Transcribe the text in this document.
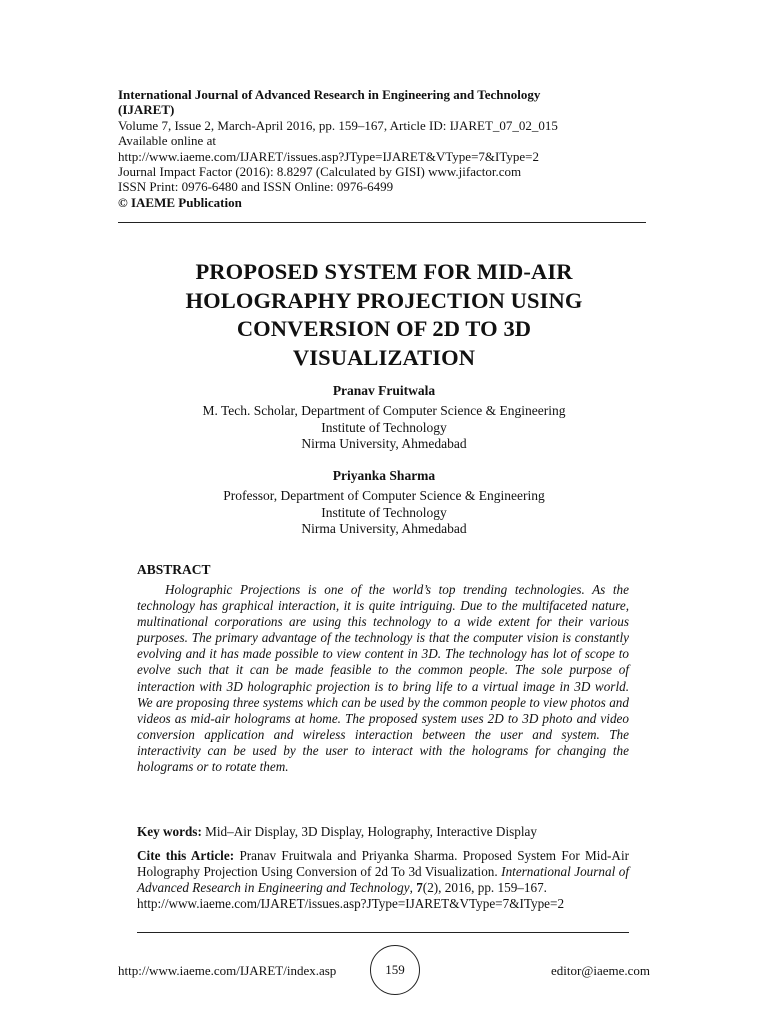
International Journal of Advanced Research in Engineering and Technology
(IJARET)
Volume 7, Issue 2, March-April 2016, pp. 159–167, Article ID: IJARET_07_02_015
Available online at
http://www.iaeme.com/IJARET/issues.asp?JType=IJARET&VType=7&IType=2
Journal Impact Factor (2016): 8.8297 (Calculated by GISI) www.jifactor.com
ISSN Print: 0976-6480 and ISSN Online: 0976-6499
© IAEME Publication
PROPOSED SYSTEM FOR MID-AIR
HOLOGRAPHY PROJECTION USING
CONVERSION OF 2D TO 3D
VISUALIZATION
Pranav Fruitwala
M. Tech. Scholar, Department of Computer Science & Engineering
Institute of Technology
Nirma University, Ahmedabad
Priyanka Sharma
Professor, Department of Computer Science & Engineering
Institute of Technology
Nirma University, Ahmedabad
ABSTRACT
Holographic Projections is one of the world’s top trending technologies. As the technology has graphical interaction, it is quite intriguing. Due to the multifaceted nature, multinational corporations are using this technology to a wide extent for their various purposes. The primary advantage of the technology is that the computer vision is constantly evolving and it has made possible to view content in 3D. The technology has lot of scope to evolve such that it can be made feasible to the common people. The sole purpose of interaction with 3D holographic projection is to bring life to a virtual image in 3D world. We are proposing three systems which can be used by the common people to view photos and videos as mid-air holograms at home. The proposed system uses 2D to 3D photo and video conversion application and wireless interaction between the user and system. The interactivity can be used by the user to interact with the holograms for changing the holograms or to rotate them.
Key words: Mid–Air Display, 3D Display, Holography, Interactive Display
Cite this Article: Pranav Fruitwala and Priyanka Sharma. Proposed System For Mid-Air Holography Projection Using Conversion of 2d To 3d Visualization. International Journal of Advanced Research in Engineering and Technology, 7(2), 2016, pp. 159–167.
http://www.iaeme.com/IJARET/issues.asp?JType=IJARET&VType=7&IType=2
http://www.iaeme.com/IJARET/index.asp	159	editor@iaeme.com
